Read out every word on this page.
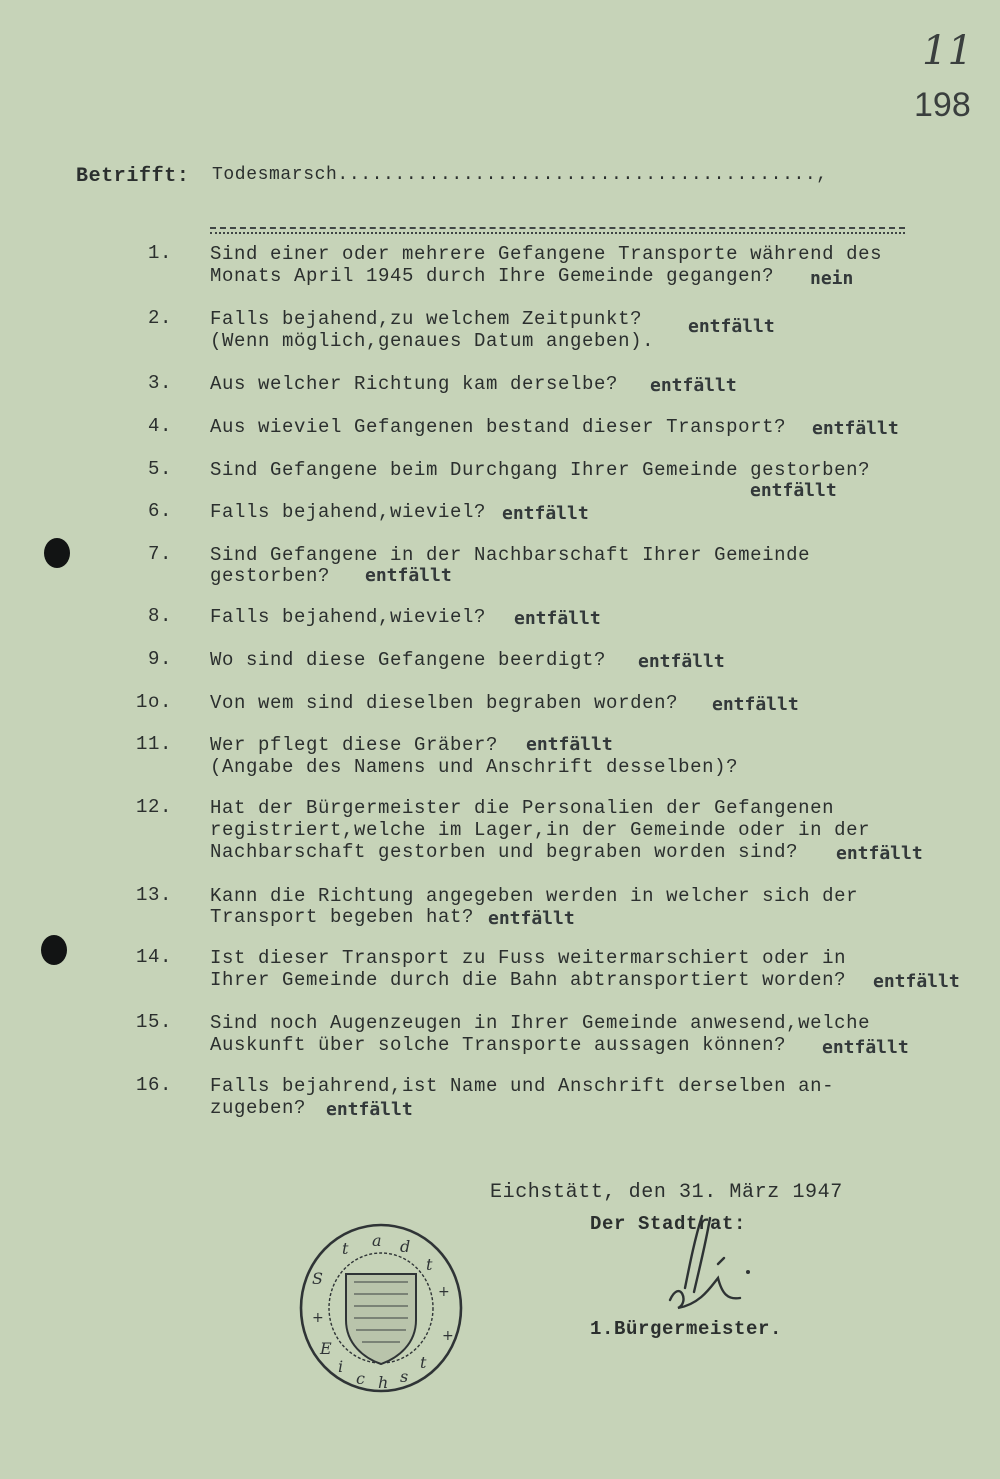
11
198
Betrifft: Todesmarsch..........................................,
1. Sind einer oder mehrere Gefangene Transporte während des
Monats April 1945 durch Ihre Gemeinde gegangen? nein
2. Falls bejahend,zu welchem Zeitpunkt?
(Wenn möglich,genaues Datum angeben).
entfällt
3. Aus welcher Richtung kam derselbe? entfällt
4. Aus wieviel Gefangenen bestand dieser Transport? entfällt
5. Sind Gefangene beim Durchgang Ihrer Gemeinde gestorben?
entfällt
6. Falls bejahend,wieviel? entfällt
7. Sind Gefangene in der Nachbarschaft Ihrer Gemeinde
gestorben? entfällt
8. Falls bejahend,wieviel? entfällt
9. Wo sind diese Gefangene beerdigt? entfällt
1o. Von wem sind dieselben begraben worden? entfällt
11. Wer pflegt diese Gräber?
(Angabe des Namens und Anschrift desselben)?
entfällt
12. Hat der Bürgermeister die Personalien der Gefangenen
registriert,welche im Lager,in der Gemeinde oder in der
Nachbarschaft gestorben und begraben worden sind? entfällt
13. Kann die Richtung angegeben werden in welcher sich der
Transport begeben hat? entfällt
14. Ist dieser Transport zu Fuss weitermarschiert oder in
Ihrer Gemeinde durch die Bahn abtransportiert worden? entfällt
15. Sind noch Augenzeugen in Ihrer Gemeinde anwesend,welche
Auskunft über solche Transporte aussagen können? entfällt
16. Falls bejahrend,ist Name und Anschrift derselben an-
zugeben? entfällt
Eichstätt, den 31. März 1947
Der Stadtrat:
1.Bürgermeister.
S
t a d
t
E
i
c h s
t
+
+
+
